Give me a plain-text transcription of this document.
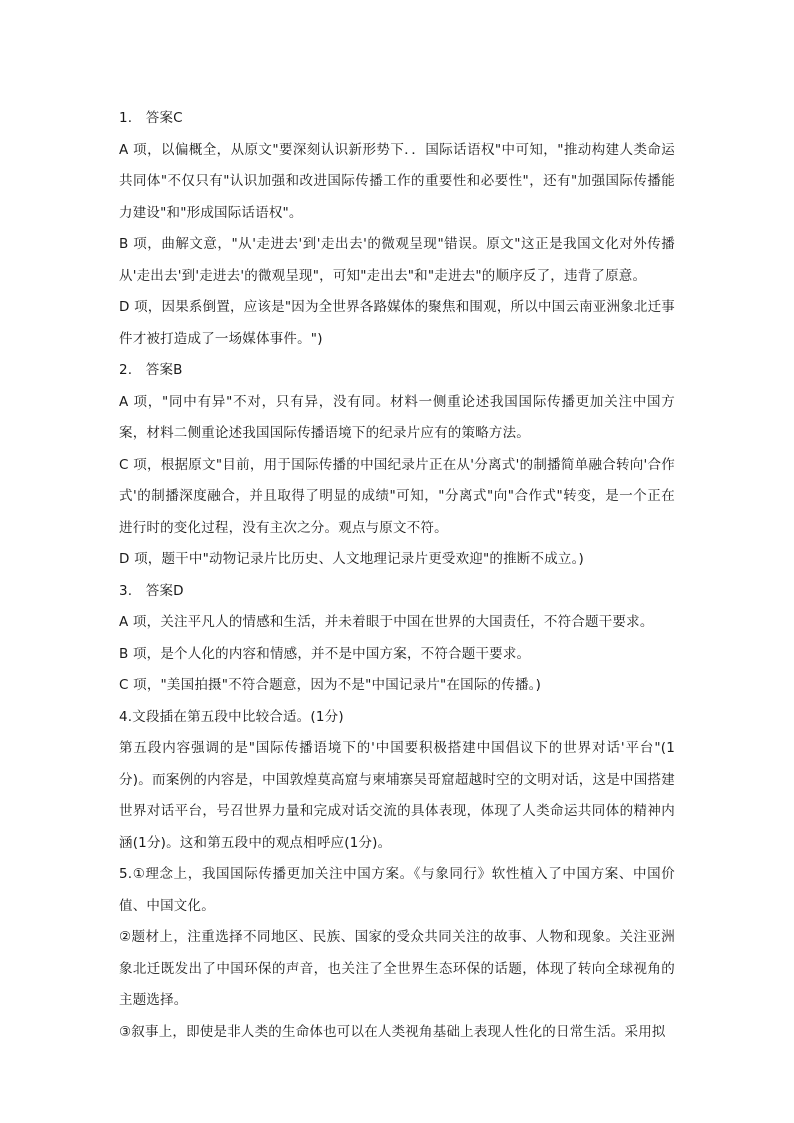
1.   答案C

A 项，以偏概全，从原文"要深刻认识新形势下．．国际话语权"中可知，"推动构建人类命运共同体"不仅只有"认识加强和改进国际传播工作的重要性和必要性"，还有"加强国际传播能力建设"和"形成国际话语权"。

B 项，曲解文意，"从'走进去'到'走出去'的微观呈现"错误。原文"这正是我国文化对外传播从'走出去'到'走进去'的微观呈现"，可知"走出去"和"走进去"的顺序反了，违背了原意。

D 项，因果系倒置，应该是"因为全世界各路媒体的聚焦和围观，所以中国云南亚洲象北迁事件才被打造成了一场媒体事件。")

2.   答案B

A 项，"同中有异"不对，只有异，没有同。材料一侧重论述我国国际传播更加关注中国方案，材料二侧重论述我国国际传播语境下的纪录片应有的策略方法。

C 项，根据原文"目前，用于国际传播的中国纪录片正在从'分离式'的制播简单融合转向'合作式'的制播深度融合，并且取得了明显的成绩"可知，"分离式"向"合作式"转变，是一个正在进行时的变化过程，没有主次之分。观点与原文不符。

D 项，题干中"动物记录片比历史、人文地理记录片更受欢迎"的推断不成立。)

3.   答案D

A 项，关注平凡人的情感和生活，并未着眼于中国在世界的大国责任，不符合题干要求。

B 项，是个人化的内容和情感，并不是中国方案，不符合题干要求。

C 项，"美国拍摄"不符合题意，因为不是"中国记录片"在国际的传播。)

4.文段插在第五段中比较合适。(1分)

第五段内容强调的是"国际传播语境下的'中国要积极搭建中国倡议下的世界对话'平台"(1分)。而案例的内容是，中国敦煌莫高窟与柬埔寨吴哥窟超越时空的文明对话，这是中国搭建世界对话平台，号召世界力量和完成对话交流的具体表现，体现了人类命运共同体的精神内涵(1分)。这和第五段中的观点相呼应(1分)。

5.①理念上，我国国际传播更加关注中国方案。《与象同行》软性植入了中国方案、中国价值、中国文化。

②题材上，注重选择不同地区、民族、国家的受众共同关注的故事、人物和现象。关注亚洲象北迁既发出了中国环保的声音，也关注了全世界生态环保的话题，体现了转向全球视角的主题选择。

③叙事上，即使是非人类的生命体也可以在人类视角基础上表现人性化的日常生活。采用拟
